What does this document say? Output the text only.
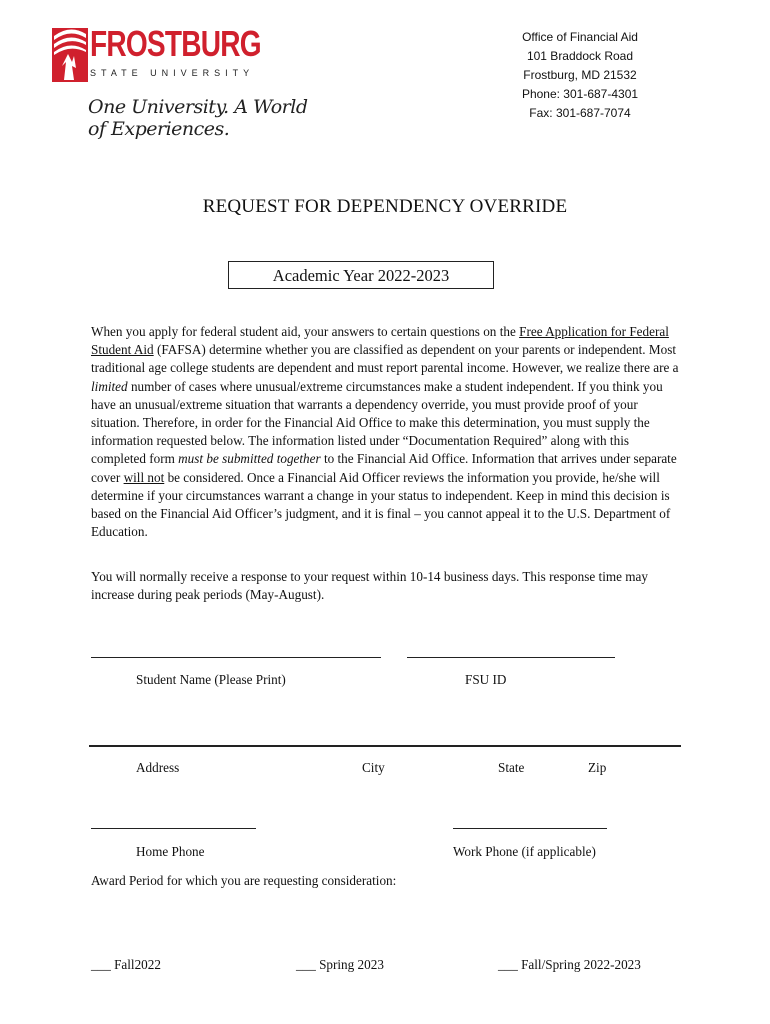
FROSTBURG
STATE UNIVERSITY
One University. A World of Experiences.
Office of Financial Aid
101 Braddock Road
Frostburg, MD 21532
Phone: 301-687-4301
Fax: 301-687-7074
REQUEST FOR DEPENDENCY OVERRIDE
Academic Year 2022-2023
When you apply for federal student aid, your answers to certain questions on the Free Application for Federal Student Aid (FAFSA) determine whether you are classified as dependent on your parents or independent. Most traditional age college students are dependent and must report parental income. However, we realize there are a limited number of cases where unusual/extreme circumstances make a student independent. If you think you have an unusual/extreme situation that warrants a dependency override, you must provide proof of your situation. Therefore, in order for the Financial Aid Office to make this determination, you must supply the information requested below. The information listed under “Documentation Required” along with this completed form must be submitted together to the Financial Aid Office. Information that arrives under separate cover will not be considered. Once a Financial Aid Officer reviews the information you provide, he/she will determine if your circumstances warrant a change in your status to independent. Keep in mind this decision is based on the Financial Aid Officer’s judgment, and it is final – you cannot appeal it to the U.S. Department of Education.
You will normally receive a response to your request within 10-14 business days. This response time may increase during peak periods (May-August).
Student Name (Please Print)	FSU ID
Address	City	State	Zip
Home Phone	Work Phone (if applicable)
Award Period for which you are requesting consideration:
___ Fall2022	___ Spring 2023	___ Fall/Spring 2022-2023
